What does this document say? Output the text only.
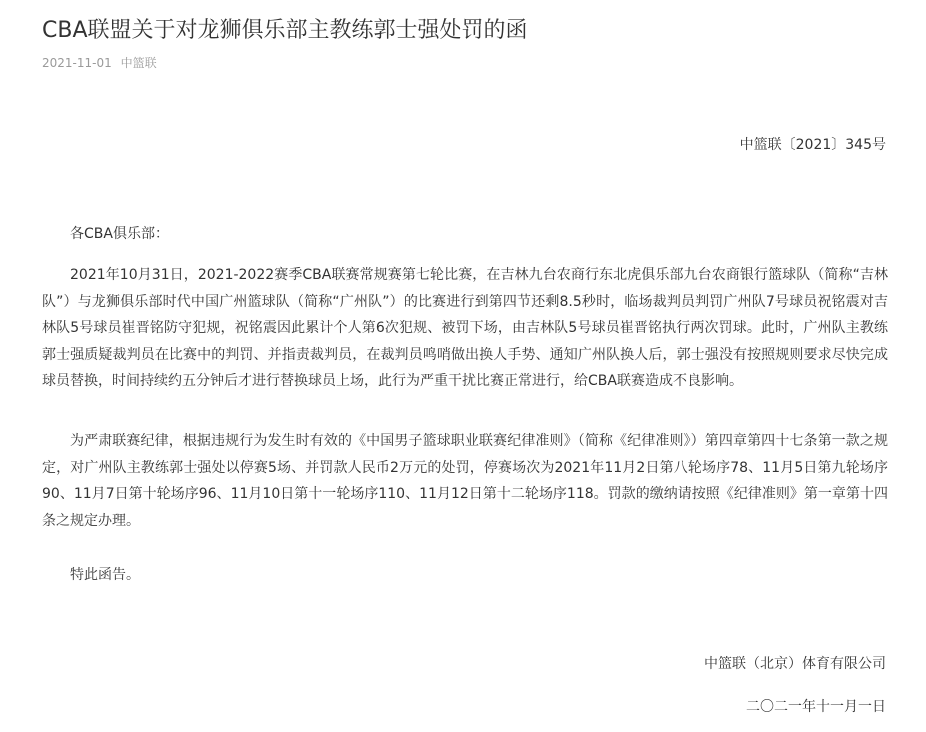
CBA联盟关于对龙狮俱乐部主教练郭士强处罚的函
2021-11-01 中篮联
中篮联〔2021〕345号

各CBA俱乐部：

2021年10月31日，2021-2022赛季CBA联赛常规赛第七轮比赛，在吉林九台农商行东北虎俱乐部九台农商银行篮球队（简称“吉林队”）与龙狮俱乐部时代中国广州篮球队（简称“广州队”）的比赛进行到第四节还剩8.5秒时，临场裁判员判罚广州队7号球员祝铭震对吉林队5号球员崔晋铭防守犯规，祝铭震因此累计个人第6次犯规、被罚下场，由吉林队5号球员崔晋铭执行两次罚球。此时，广州队主教练郭士强质疑裁判员在比赛中的判罚、并指责裁判员，在裁判员鸣哨做出换人手势、通知广州队换人后，郭士强没有按照规则要求尽快完成球员替换，时间持续约五分钟后才进行替换球员上场，此行为严重干扰比赛正常进行，给CBA联赛造成不良影响。

为严肃联赛纪律，根据违规行为发生时有效的《中国男子篮球职业联赛纪律准则》（简称《纪律准则》）第四章第四十七条第一款之规定，对广州队主教练郭士强处以停赛5场、并罚款人民币2万元的处罚，停赛场次为2021年11月2日第八轮场序78、11月5日第九轮场序90、11月7日第十轮场序96、11月10日第十一轮场序110、11月12日第十二轮场序118。罚款的缴纳请按照《纪律准则》第一章第十四条之规定办理。

特此函告。

中篮联（北京）体育有限公司
二〇二一年十一月一日
